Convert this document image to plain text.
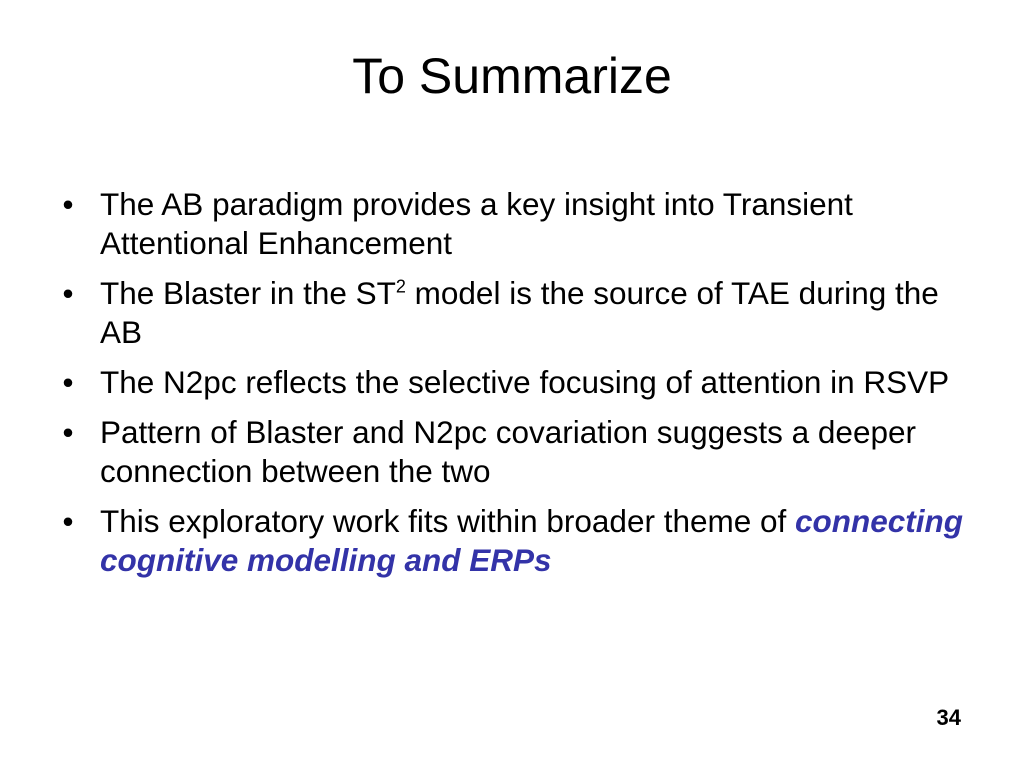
To Summarize
• The AB paradigm provides a key insight into Transient Attentional Enhancement
• The Blaster in the $ST^2$ model is the source of TAE during the AB
• The N2pc reflects the selective focusing of attention in RSVP
• Pattern of Blaster and N2pc covariation suggests a deeper connection between the two
• This exploratory work fits within broader theme of connecting cognitive modelling and ERPs
34
